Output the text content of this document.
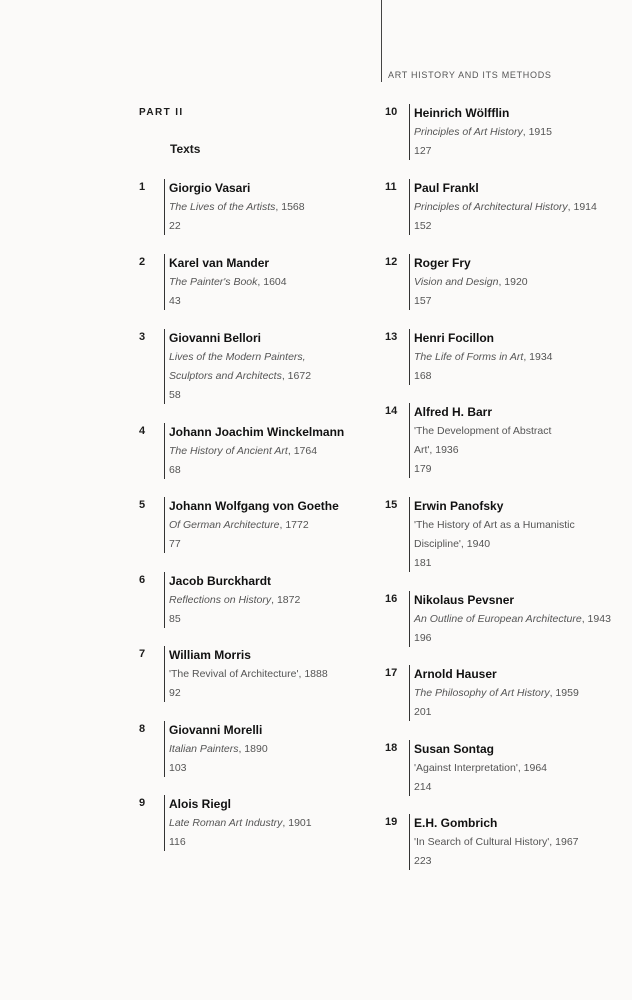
ART HISTORY AND ITS METHODS
PART II
Texts
1 Giorgio Vasari
The Lives of the Artists, 1568
22
2 Karel van Mander
The Painter's Book, 1604
43
3 Giovanni Bellori
Lives of the Modern Painters,
Sculptors and Architects, 1672
58
4 Johann Joachim Winckelmann
The History of Ancient Art, 1764
68
5 Johann Wolfgang von Goethe
Of German Architecture, 1772
77
6 Jacob Burckhardt
Reflections on History, 1872
85
7 William Morris
'The Revival of Architecture', 1888
92
8 Giovanni Morelli
Italian Painters, 1890
103
9 Alois Riegl
Late Roman Art Industry, 1901
116
10 Heinrich Wölfflin
Principles of Art History, 1915
127
11 Paul Frankl
Principles of Architectural History, 1914
152
12 Roger Fry
Vision and Design, 1920
157
13 Henri Focillon
The Life of Forms in Art, 1934
168
14 Alfred H. Barr
'The Development of Abstract
Art', 1936
179
15 Erwin Panofsky
'The History of Art as a Humanistic
Discipline', 1940
181
16 Nikolaus Pevsner
An Outline of European Architecture, 1943
196
17 Arnold Hauser
The Philosophy of Art History, 1959
201
18 Susan Sontag
'Against Interpretation', 1964
214
19 E.H. Gombrich
'In Search of Cultural History', 1967
223
